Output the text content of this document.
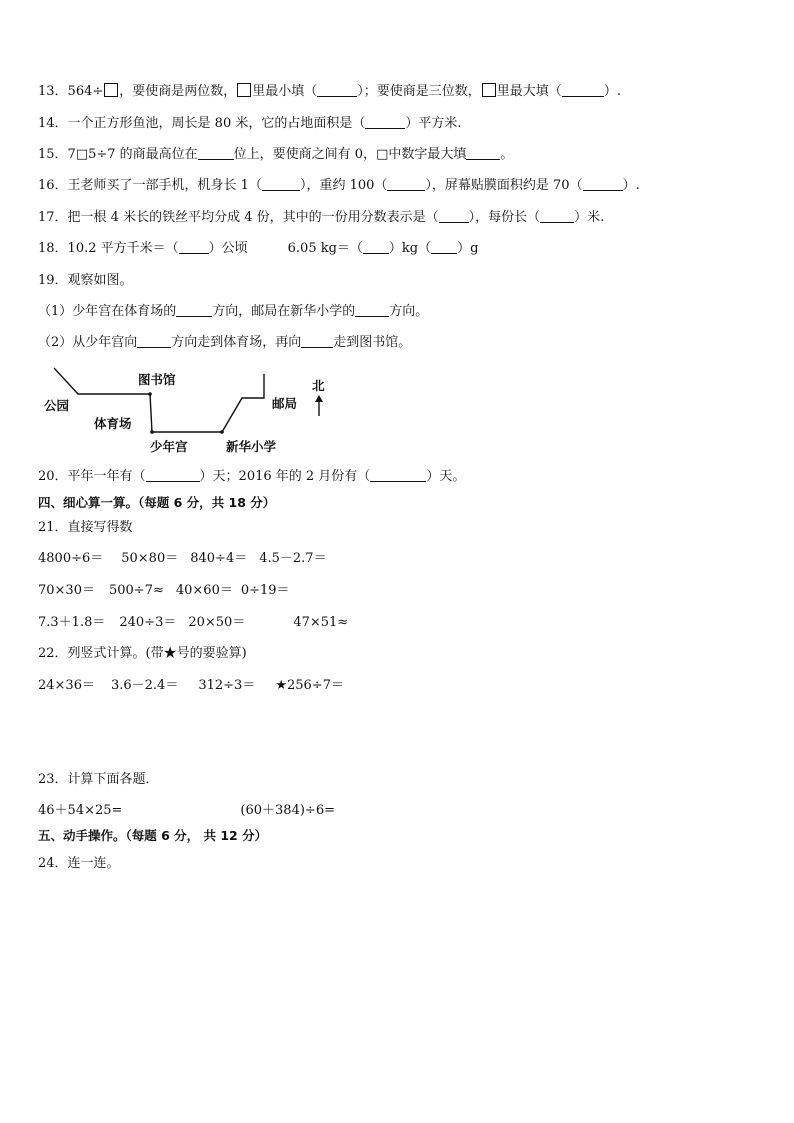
13．564÷ ，要使商是两位数， 里最小填（	）；要使商是三位数， 里最大填（	）.
14．一个正方形鱼池，周长是 80 米，它的占地面积是（	）平方米.
15．7□5÷7 的商最高位在	位上，要使商之间有 0，□中数字最大填	。
16．王老师买了一部手机，机身长 1（	），重约 100（	），屏幕贴膜面积约是 70（	）.
17．把一根 4 米长的铁丝平均分成 4 份，其中的一份用分数表示是（ ），每份长（	）米.
18．10.2 平方千米＝（ ）公顷	6.05 kg＝（ ）kg（ ）g
19．观察如图。
（1）少年宫在体育场的	方向，邮局在新华小学的	方向。
（2）从少年宫向	方向走到体育场，再向 走到图书馆。
公园
图书馆
体育场
少年宫	新华小学
邮局
北
20．平年一年有（	）天；2016 年的 2 月份有（	）天。
四、细心算一算。（每题 6 分，共 18 分）
21．直接写得数
4800÷6＝ 50×80＝ 840÷4＝ 4.5－2.7＝
70×30＝ 500÷7≈ 40×60＝ 0÷19＝
7.3＋1.8＝ 240÷3＝ 20×50＝	47×51≈
22．列竖式计算。(带★号的要验算)
24×36＝ 3.6－2.4＝ 312÷3＝ ★256÷7＝
23．计算下面各题．
46＋54×25=	(60＋384)÷6=
五、动手操作。（每题 6 分， 共 12 分）
24．连一连。
